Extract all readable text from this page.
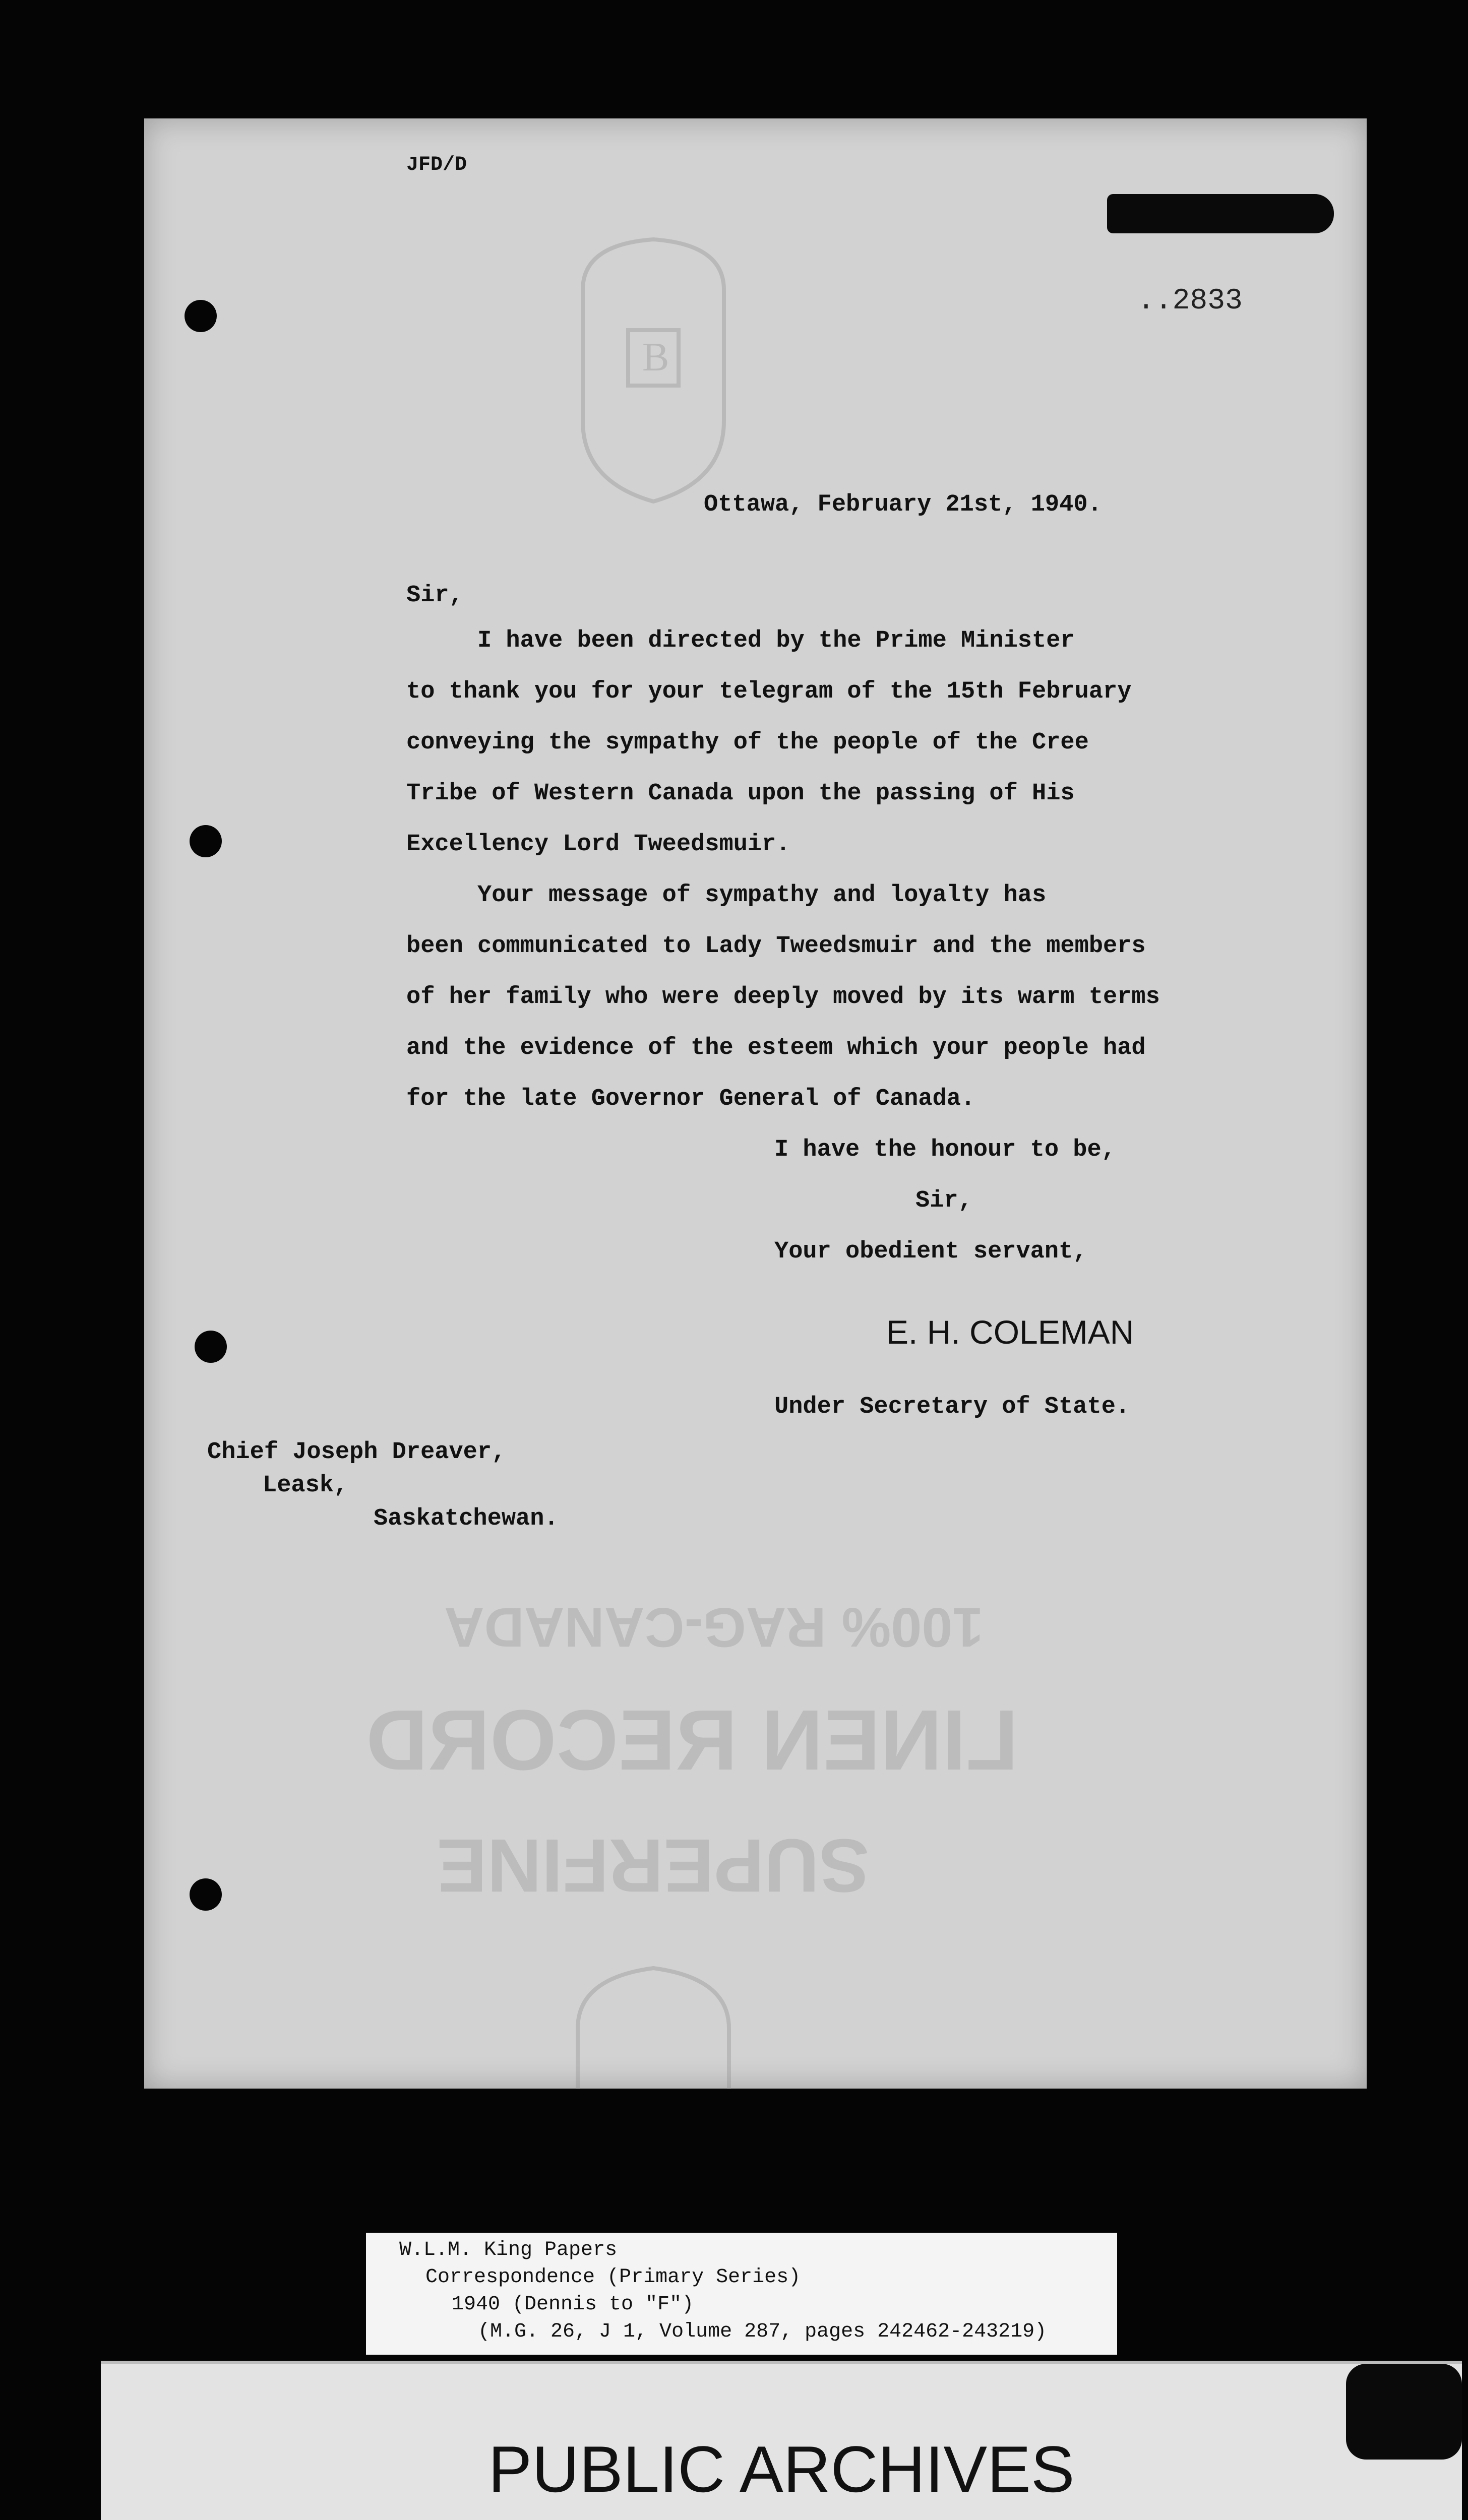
B
JFD/D
..2833
Ottawa, February 21st, 1940.
Sir,
I have been directed by the Prime Minister
to thank you for your telegram of the 15th February
conveying the sympathy of the people of the Cree
Tribe of Western Canada upon the passing of His
Excellency Lord Tweedsmuir.
Your message of sympathy and loyalty has
been communicated to Lady Tweedsmuir and the members
of her family who were deeply moved by its warm terms
and the evidence of the esteem which your people had
for the late Governor General of Canada.
I have the honour to be,
Sir,
Your obedient servant,
E. H. COLEMAN
Under Secretary of State.
Chief Joseph Dreaver,
Leask,
Saskatchewan.
100% RAG-CANADA
LINEN RECORD
SUPERFINE
W.L.M. King Papers
Correspondence (Primary Series)
1940 (Dennis to "F")
(M.G. 26, J 1, Volume 287, pages 242462-243219)
PUBLIC ARCHIVES
